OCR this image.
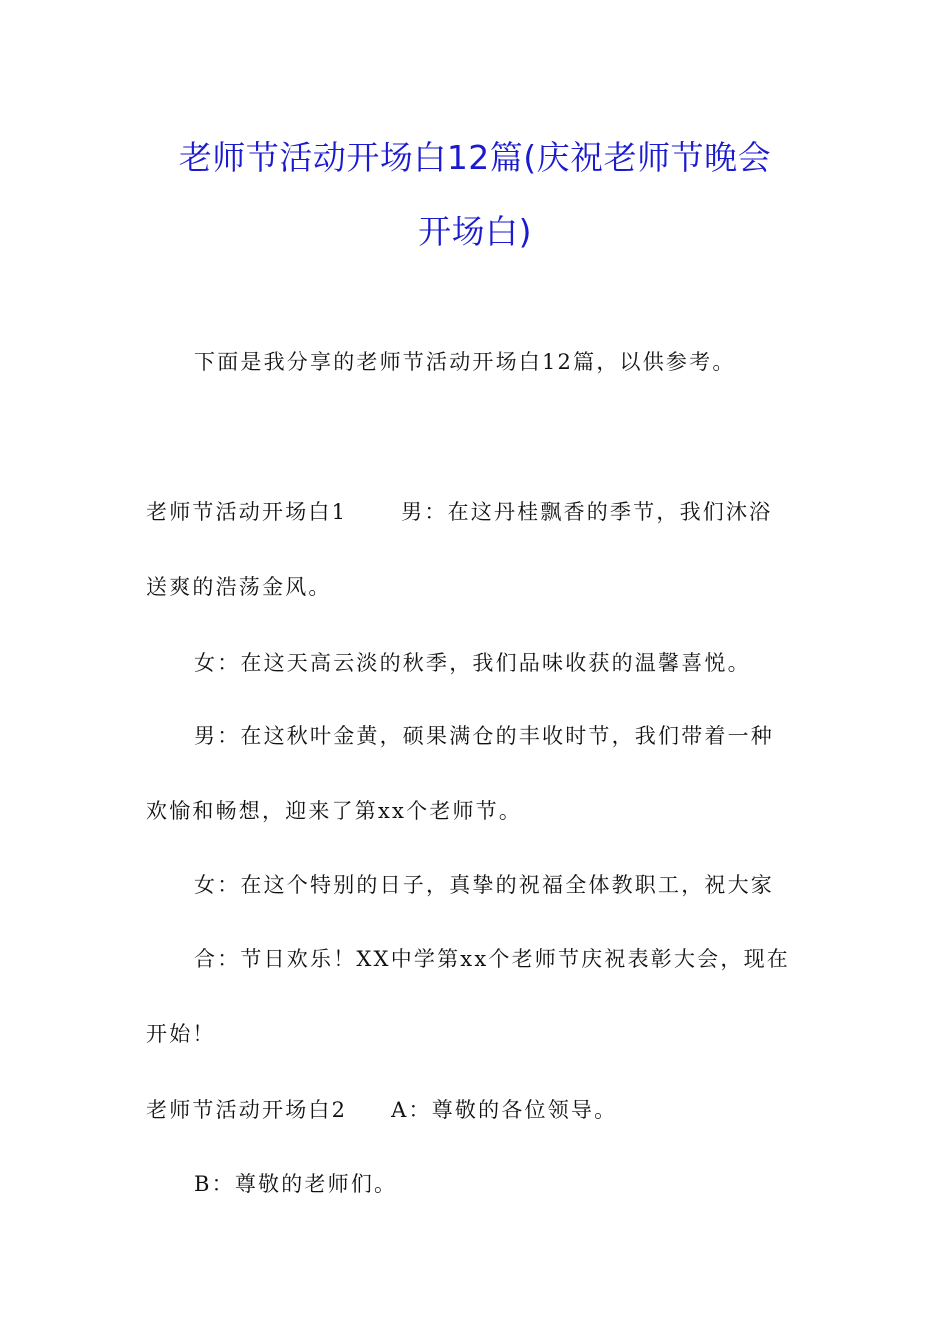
老师节活动开场白12篇(庆祝老师节晚会
开场白)
下面是我分享的老师节活动开场白12篇，以供参考。
老师节活动开场白1	男：在这丹桂飘香的季节，我们沐浴
送爽的浩荡金风。
女：在这天高云淡的秋季，我们品味收获的温馨喜悦。
男：在这秋叶金黄，硕果满仓的丰收时节，我们带着一种
欢愉和畅想，迎来了第xx个老师节。
女：在这个特别的日子，真挚的祝福全体教职工，祝大家
合：节日欢乐！XX中学第xx个老师节庆祝表彰大会，现在
开始！
老师节活动开场白2 A：尊敬的各位领导。
B：尊敬的老师们。
